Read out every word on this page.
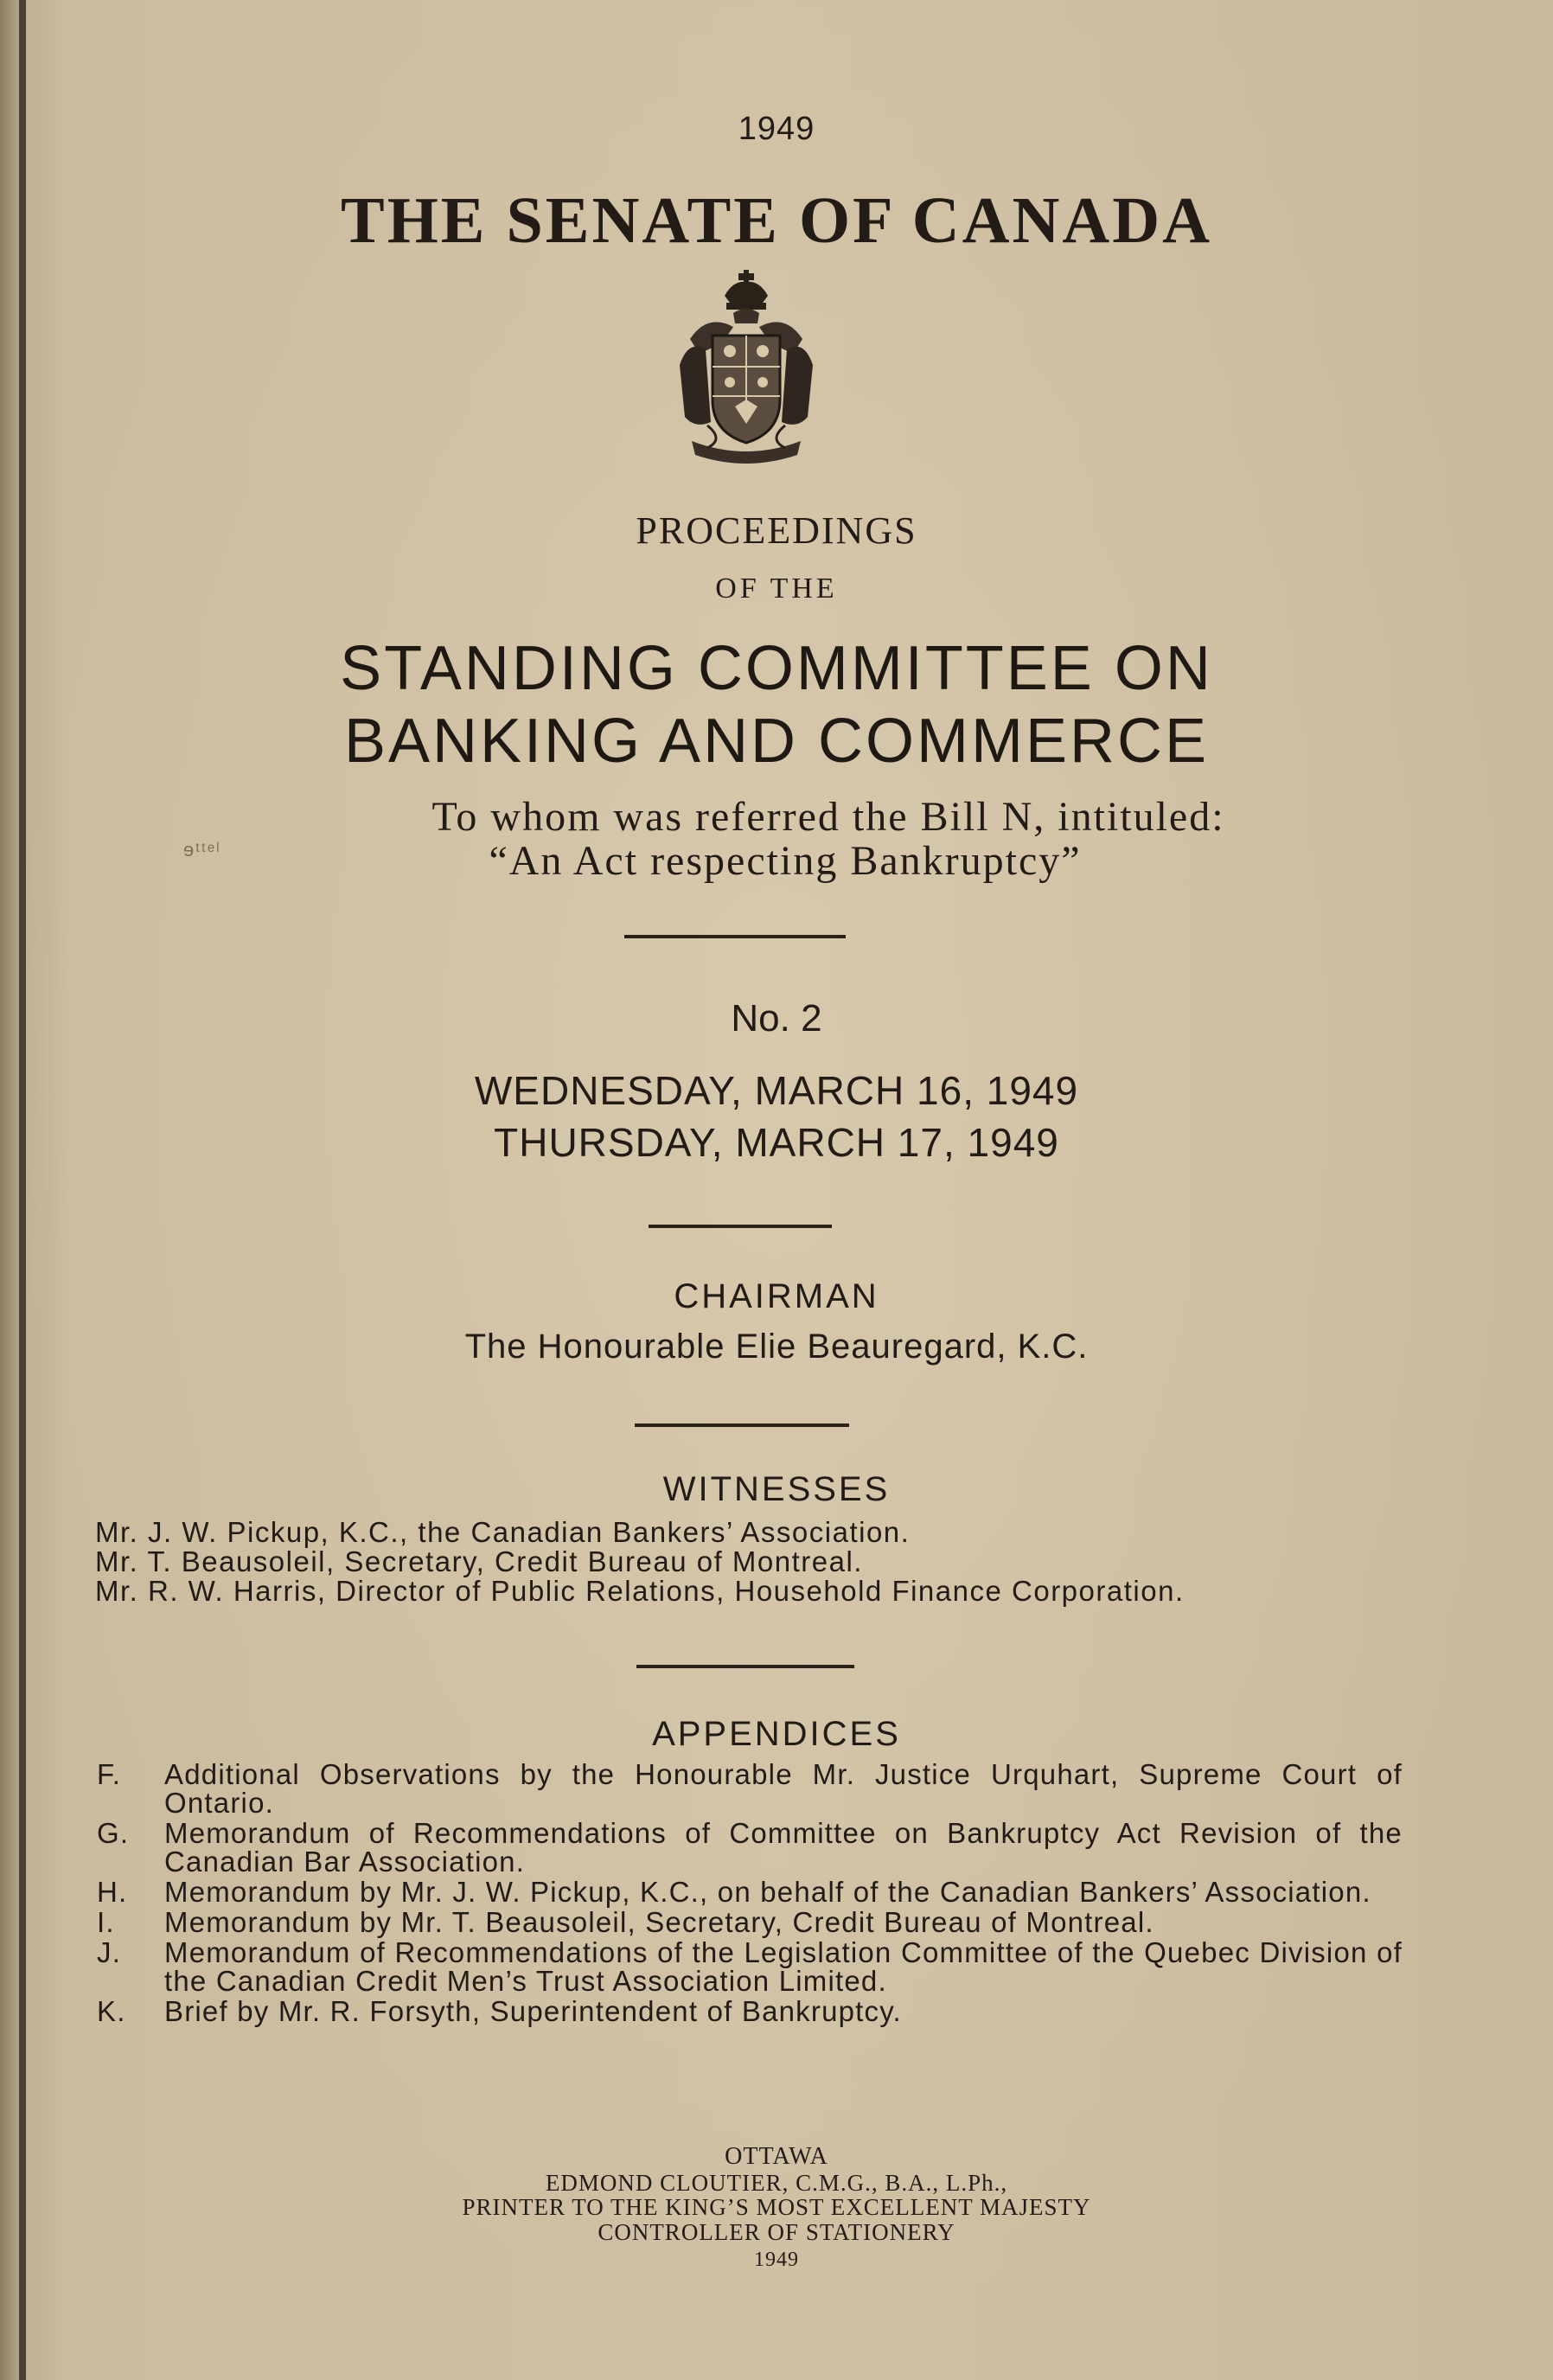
1949
THE SENATE OF CANADA
PROCEEDINGS
OF THE
STANDING COMMITTEE ON
BANKING AND COMMERCE
To whom was referred the Bill N, intituled:
“An Act respecting Bankruptcy”
ɘᵗᵗᵉˡ
No. 2
WEDNESDAY, MARCH 16, 1949
THURSDAY, MARCH 17, 1949
CHAIRMAN
The Honourable Elie Beauregard, K.C.
WITNESSES
Mr. J. W. Pickup, K.C., the Canadian Bankers’ Association.
Mr. T. Beausoleil, Secretary, Credit Bureau of Montreal.
Mr. R. W. Harris, Director of Public Relations, Household Finance Corporation.
APPENDICES
F. Additional Observations by the Honourable Mr. Justice Urquhart, Supreme Court of Ontario.
G. Memorandum of Recommendations of Committee on Bankruptcy Act Revision of the Canadian Bar Association.
H. Memorandum by Mr. J. W. Pickup, K.C., on behalf of the Canadian Bankers’ Association.
I. Memorandum by Mr. T. Beausoleil, Secretary, Credit Bureau of Montreal.
J. Memorandum of Recommendations of the Legislation Committee of the Quebec Division of the Canadian Credit Men’s Trust Association Limited.
K. Brief by Mr. R. Forsyth, Superintendent of Bankruptcy.
OTTAWA
EDMOND CLOUTIER, C.M.G., B.A., L.Ph.,
PRINTER TO THE KING’S MOST EXCELLENT MAJESTY
CONTROLLER OF STATIONERY
1949
